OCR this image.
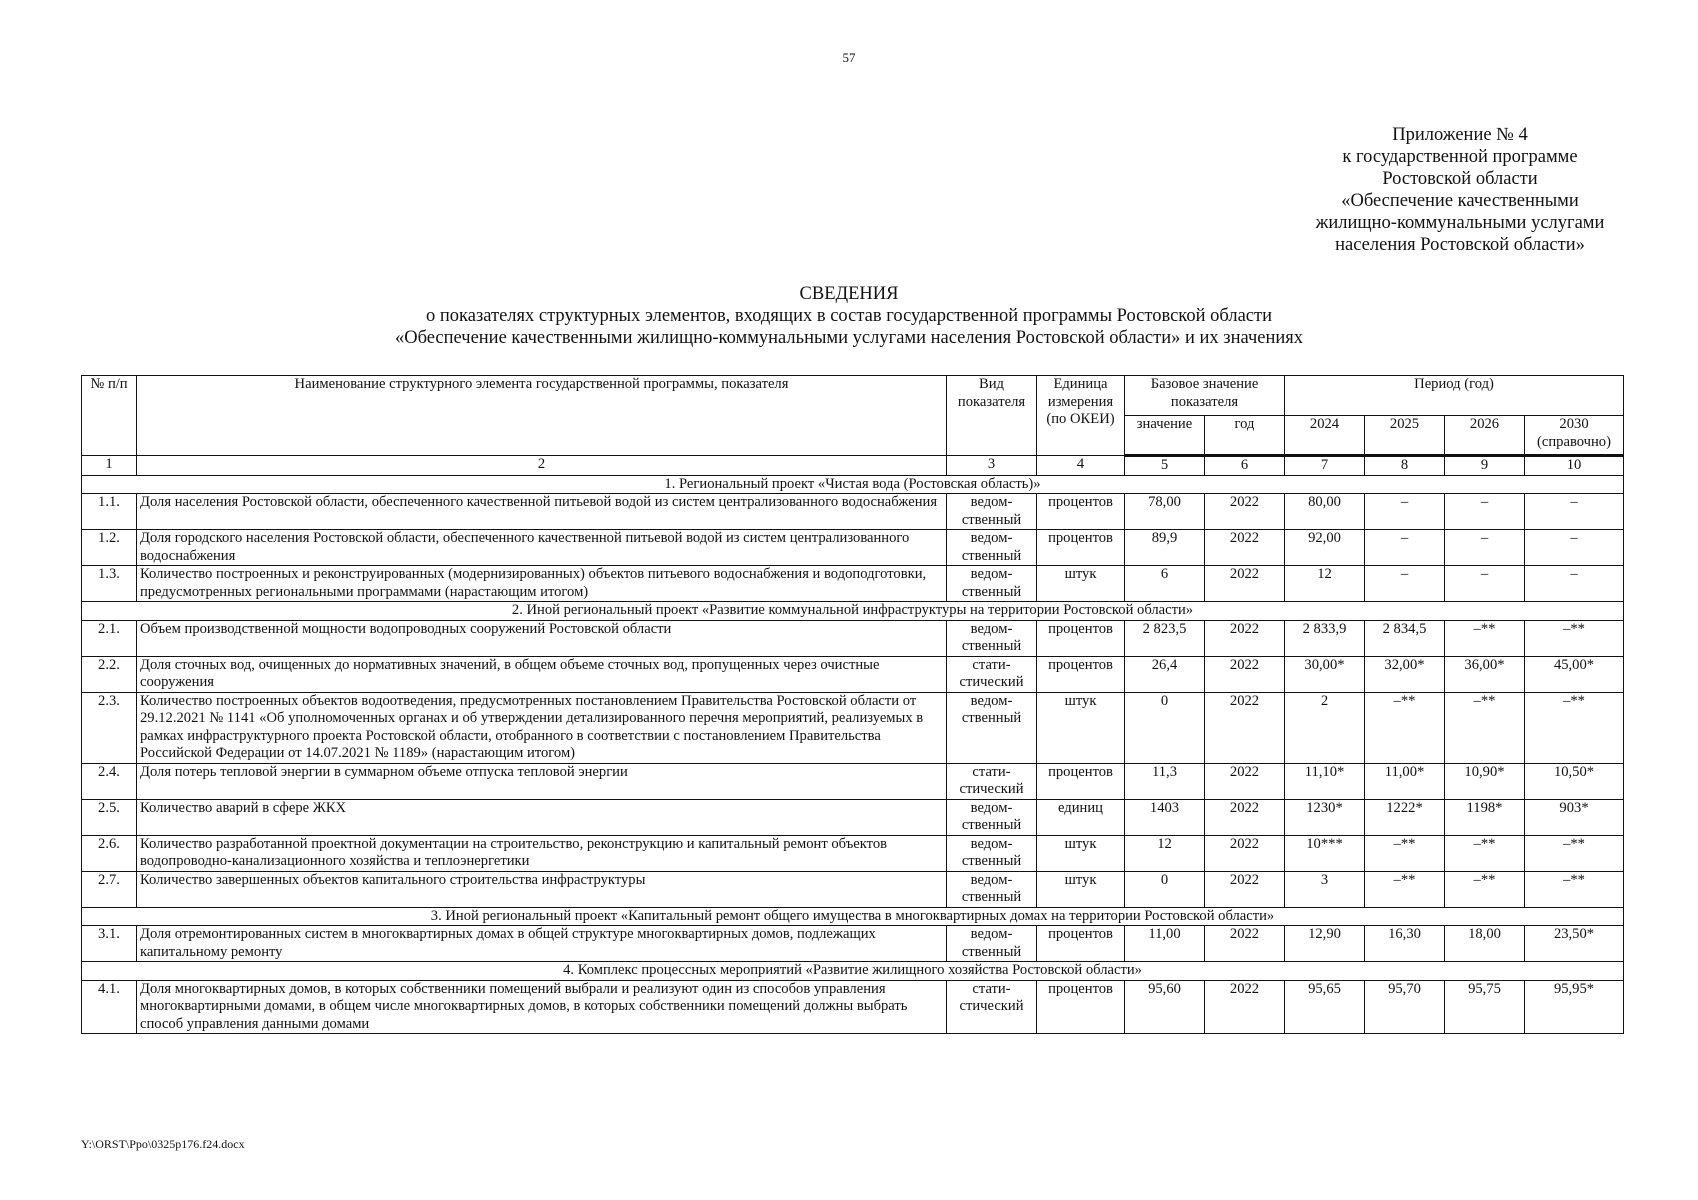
57
Приложение № 4
к государственной программе
Ростовской области
«Обеспечение качественными
жилищно-коммунальными услугами
населения Ростовской области»
СВЕДЕНИЯ
о показателях структурных элементов, входящих в состав государственной программы Ростовской области
«Обеспечение качественными жилищно-коммунальными услугами населения Ростовской области» и их значениях
№ п/п	Наименование структурного элемента государственной программы, показателя	Вид показателя	Единица измерения (по ОКЕИ)	Базовое значение показателя		Период (год)			

				значение	год	2024	2025	2026	2030 (справочно)
1	2	3	4	5	6	7	8	9	10
1. Региональный проект «Чистая вода (Ростовская область)»									
1.1.	Доля населения Ростовской области, обеспеченного качественной питьевой водой из систем централизованного водоснабжения	ведом-ственный	процентов	78,00	2022	80,00	–	–	–
1.2.	Доля городского населения Ростовской области, обеспеченного качественной питьевой водой из систем централизованного водоснабжения	ведом-ственный	процентов	89,9	2022	92,00	–	–	–
1.3.	Количество построенных и реконструированных (модернизированных) объектов питьевого водоснабжения и водоподготовки, предусмотренных региональными программами (нарастающим итогом)	ведом-ственный	штук	6	2022	12	–	–	–
2. Иной региональный проект «Развитие коммунальной инфраструктуры на территории Ростовской области»									
2.1.	Объем производственной мощности водопроводных сооружений Ростовской области	ведом-ственный	процентов	2 823,5	2022	2 833,9	2 834,5	–**	–**
2.2.	Доля сточных вод, очищенных до нормативных значений, в общем объеме сточных вод, пропущенных через очистные сооружения	стати-стический	процентов	26,4	2022	30,00*	32,00*	36,00*	45,00*
2.3.	Количество построенных объектов водоотведения, предусмотренных постановлением Правительства Ростовской области от 29.12.2021 № 1141 «Об уполномоченных органах и об утверждении детализированного перечня мероприятий, реализуемых в рамках инфраструктурного проекта Ростовской области, отобранного в соответствии с постановлением Правительства Российской Федерации от 14.07.2021 № 1189» (нарастающим итогом)	ведом-ственный	штук	0	2022	2	–**	–**	–**
2.4.	Доля потерь тепловой энергии в суммарном объеме отпуска тепловой энергии	стати-стический	процентов	11,3	2022	11,10*	11,00*	10,90*	10,50*
2.5.	Количество аварий в сфере ЖКХ	ведом-ственный	единиц	1403	2022	1230*	1222*	1198*	903*
2.6.	Количество разработанной проектной документации на строительство, реконструкцию и капитальный ремонт объектов водопроводно-канализационного хозяйства и теплоэнергетики	ведом-ственный	штук	12	2022	10***	–**	–**	–**
2.7.	Количество завершенных объектов капитального строительства инфраструктуры	ведом-ственный	штук	0	2022	3	–**	–**	–**
3. Иной региональный проект «Капитальный ремонт общего имущества в многоквартирных домах на территории Ростовской области»									
3.1.	Доля отремонтированных систем в многоквартирных домах в общей структуре многоквартирных домов, подлежащих капитальному ремонту	ведом-ственный	процентов	11,00	2022	12,90	16,30	18,00	23,50*
4. Комплекс процессных мероприятий «Развитие жилищного хозяйства Ростовской области»									
4.1.	Доля многоквартирных домов, в которых собственники помещений выбрали и реализуют один из способов управления многоквартирными домами, в общем числе многоквартирных домов, в которых собственники помещений должны выбрать способ управления данными домами	стати-стический	процентов	95,60	2022	95,65	95,70	95,75	95,95*
Y:\ORST\Ppo\0325p176.f24.docx
